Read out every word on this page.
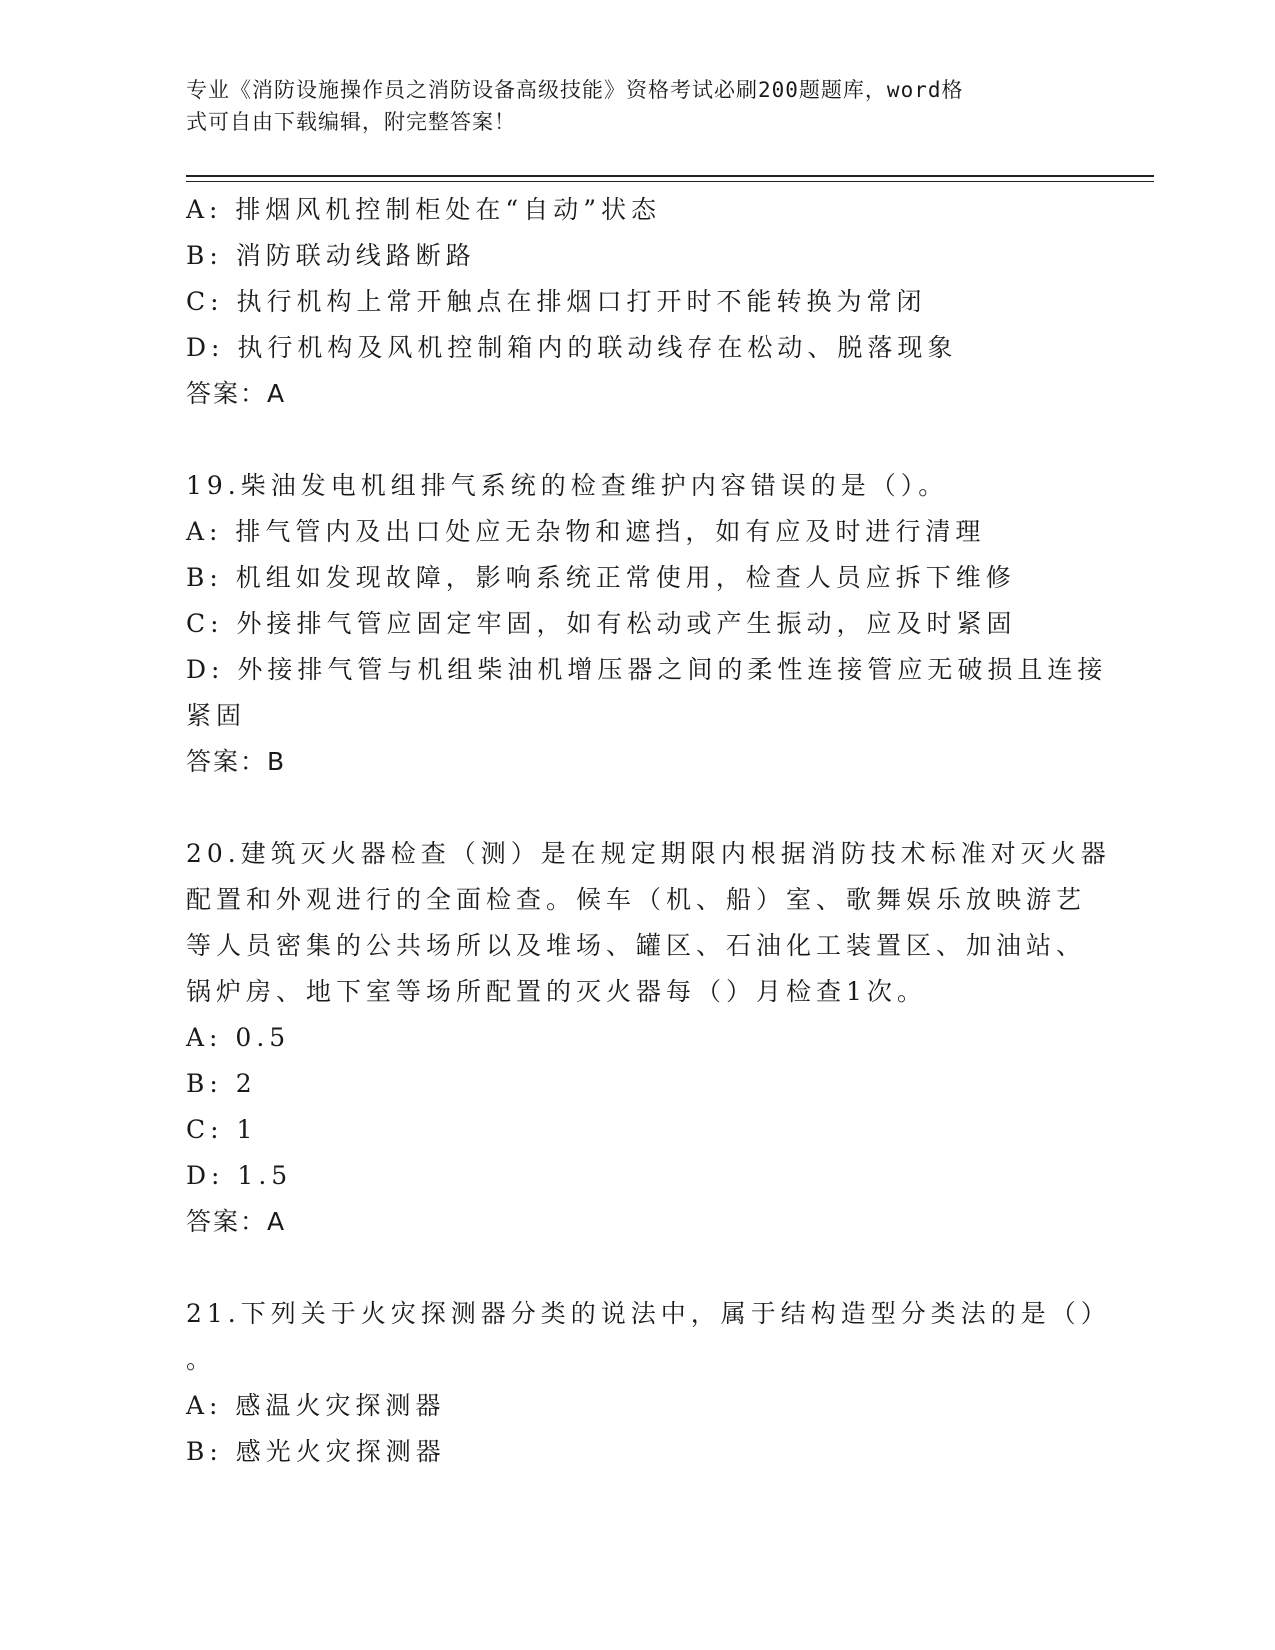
专业《消防设施操作员之消防设备高级技能》资格考试必刷200题题库，word格
式可自由下载编辑，附完整答案！
A: 排烟风机控制柜处在“自动”状态
B: 消防联动线路断路
C: 执行机构上常开触点在排烟口打开时不能转换为常闭
D: 执行机构及风机控制箱内的联动线存在松动、脱落现象
答案：A
19.柴油发电机组排气系统的检查维护内容错误的是（）。
A: 排气管内及出口处应无杂物和遮挡，如有应及时进行清理
B: 机组如发现故障，影响系统正常使用，检查人员应拆下维修
C: 外接排气管应固定牢固，如有松动或产生振动，应及时紧固
D: 外接排气管与机组柴油机增压器之间的柔性连接管应无破损且连接
紧固
答案：B
20.建筑灭火器检查（测）是在规定期限内根据消防技术标准对灭火器
配置和外观进行的全面检查。候车（机、船）室、歌舞娱乐放映游艺
等人员密集的公共场所以及堆场、罐区、石油化工装置区、加油站、
锅炉房、地下室等场所配置的灭火器每（）月检查1次。
A: 0.5
B: 2
C: 1
D: 1.5
答案：A
21.下列关于火灾探测器分类的说法中，属于结构造型分类法的是（）
。
A: 感温火灾探测器
B: 感光火灾探测器
